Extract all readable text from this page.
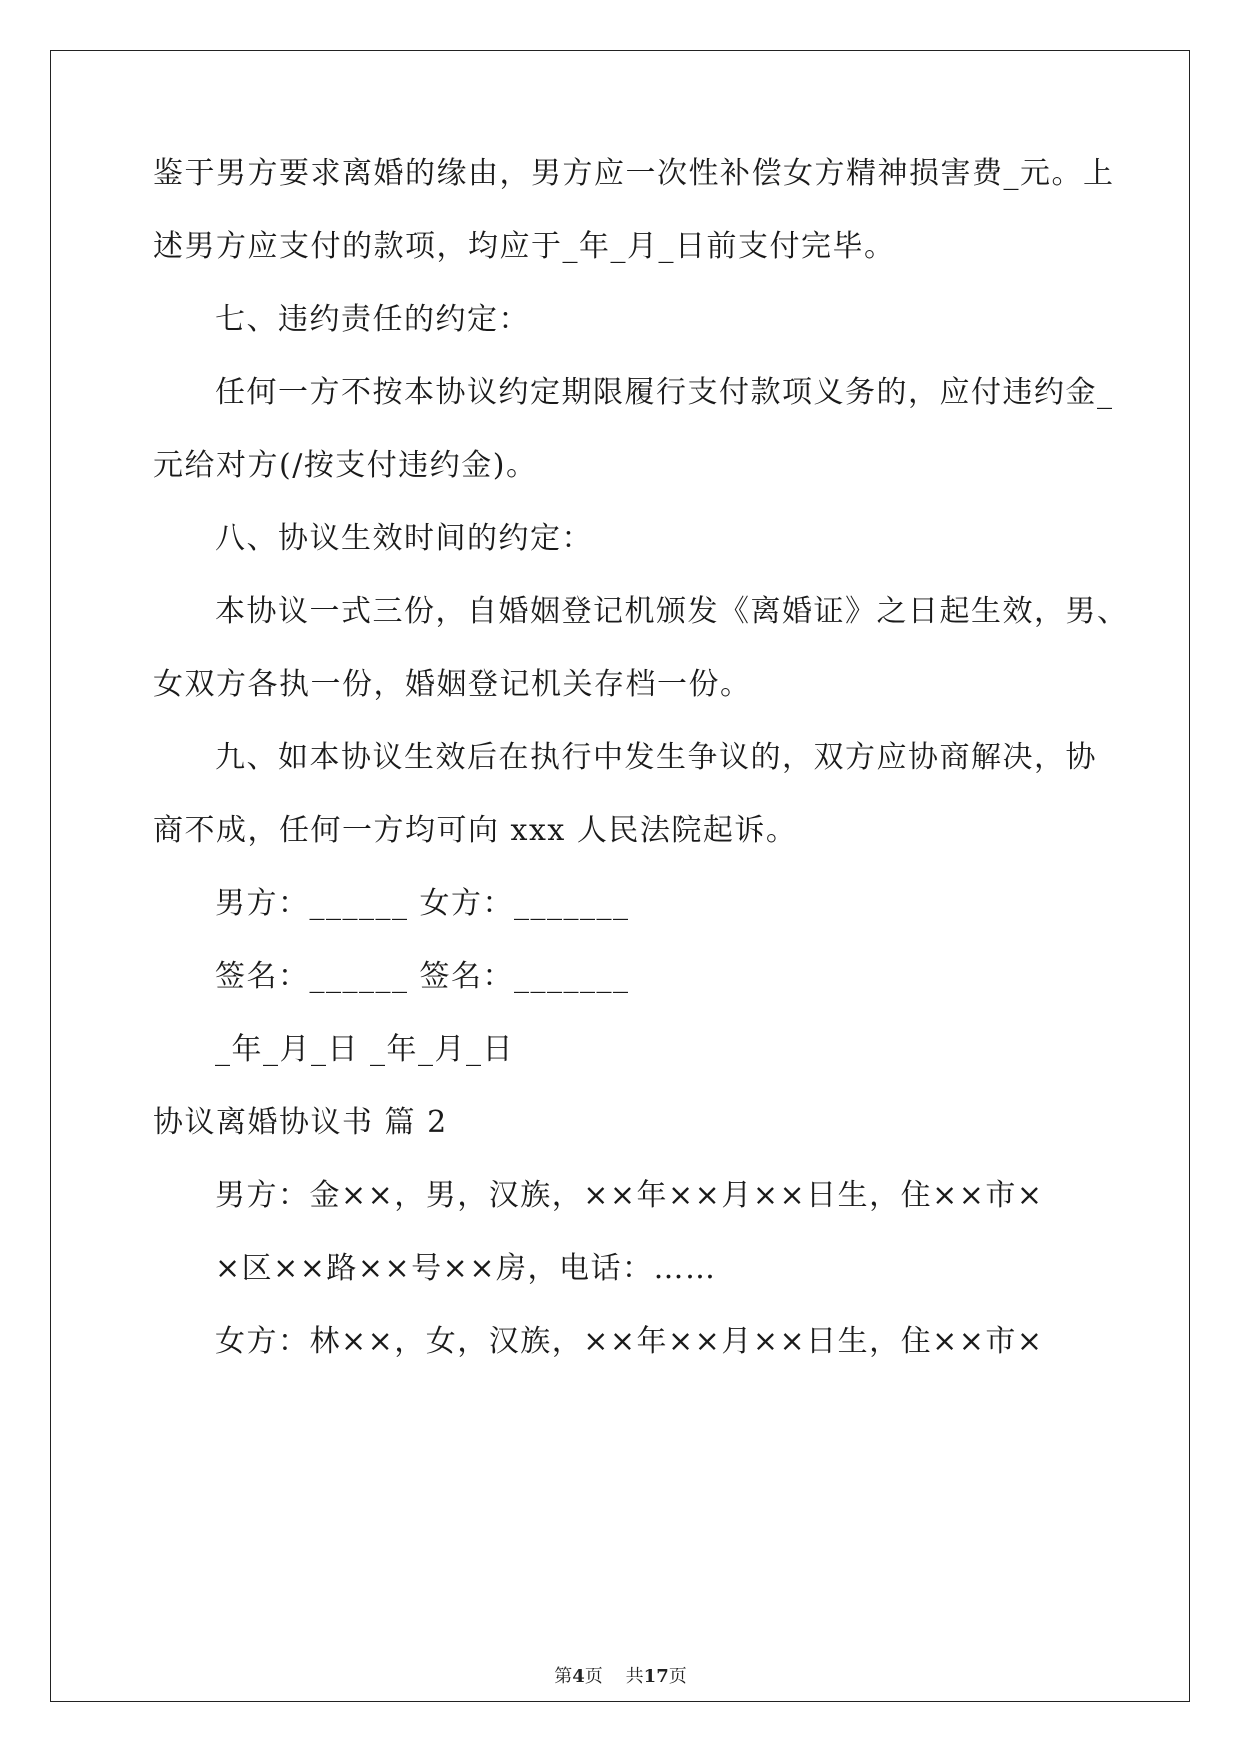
鉴于男方要求离婚的缘由，男方应一次性补偿女方精神损害费_元。上
述男方应支付的款项，均应于_年_月_日前支付完毕。
七、违约责任的约定：
任何一方不按本协议约定期限履行支付款项义务的，应付违约金_
元给对方(/按支付违约金)。
八、协议生效时间的约定：
本协议一式三份，自婚姻登记机颁发《离婚证》之日起生效，男、
女双方各执一份，婚姻登记机关存档一份。
九、如本协议生效后在执行中发生争议的，双方应协商解决，协
商不成，任何一方均可向 xxx 人民法院起诉。
男方：______ 女方：_______
签名：______ 签名：_______
_年_月_日 _年_月_日
协议离婚协议书 篇 2
男方：金××，男，汉族，××年××月××日生，住××市×
×区××路××号××房，电话：……
女方：林××，女，汉族，××年××月××日生，住××市×
第4页 共17页
